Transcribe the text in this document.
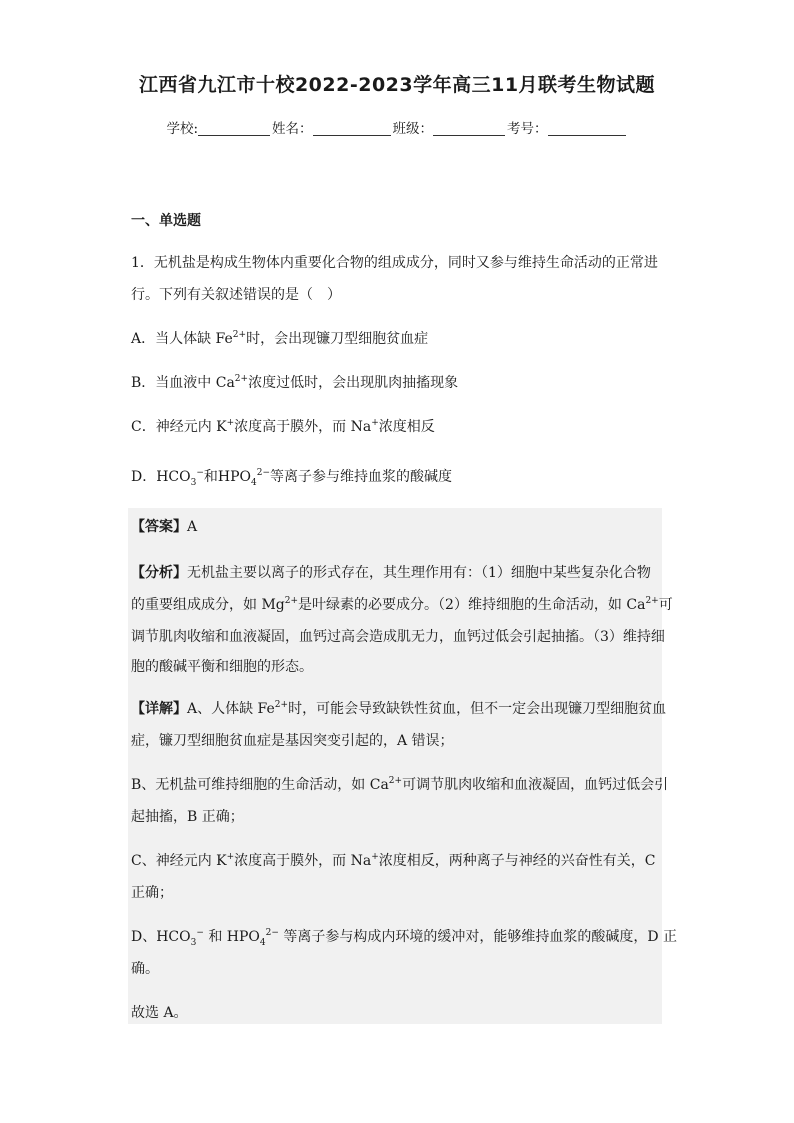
江西省九江市十校2022-2023学年高三11月联考生物试题
学校:	姓名：	班级：	考号：
一、单选题
1．无机盐是构成生物体内重要化合物的组成成分，同时又参与维持生命活动的正常进
行。下列有关叙述错误的是（　）
A．当人体缺 $Fe^{2+}$时，会出现镰刀型细胞贫血症
B．当血液中 $Ca^{2+}$浓度过低时，会出现肌肉抽搐现象
C．神经元内 K+浓度高于膜外，而 Na+浓度相反
D．$HCO_3^-$和$HPO_4^{2-}$等离子参与维持血浆的酸碱度
【答案】A
【分析】无机盐主要以离子的形式存在，其生理作用有：（1）细胞中某些复杂化合物
的重要组成成分，如 $Mg^{2+}$是叶绿素的必要成分。（2）维持细胞的生命活动，如 $Ca^{2+}$可
调节肌肉收缩和血液凝固，血钙过高会造成肌无力，血钙过低会引起抽搐。（3）维持细
胞的酸碱平衡和细胞的形态。
【详解】A、人体缺 $Fe^{2+}$时，可能会导致缺铁性贫血，但不一定会出现镰刀型细胞贫血
症，镰刀型细胞贫血症是基因突变引起的，A 错误；
B、无机盐可维持细胞的生命活动，如 $Ca^{2+}$可调节肌肉收缩和血液凝固，血钙过低会引
起抽搐，B 正确；
C、神经元内 K+浓度高于膜外，而 Na+浓度相反，两种离子与神经的兴奋性有关，C
正确；
D、$HCO_3^-$ 和 $HPO_4^{2-}$ 等离子参与构成内环境的缓冲对，能够维持血浆的酸碱度，D 正
确。
故选 A。
